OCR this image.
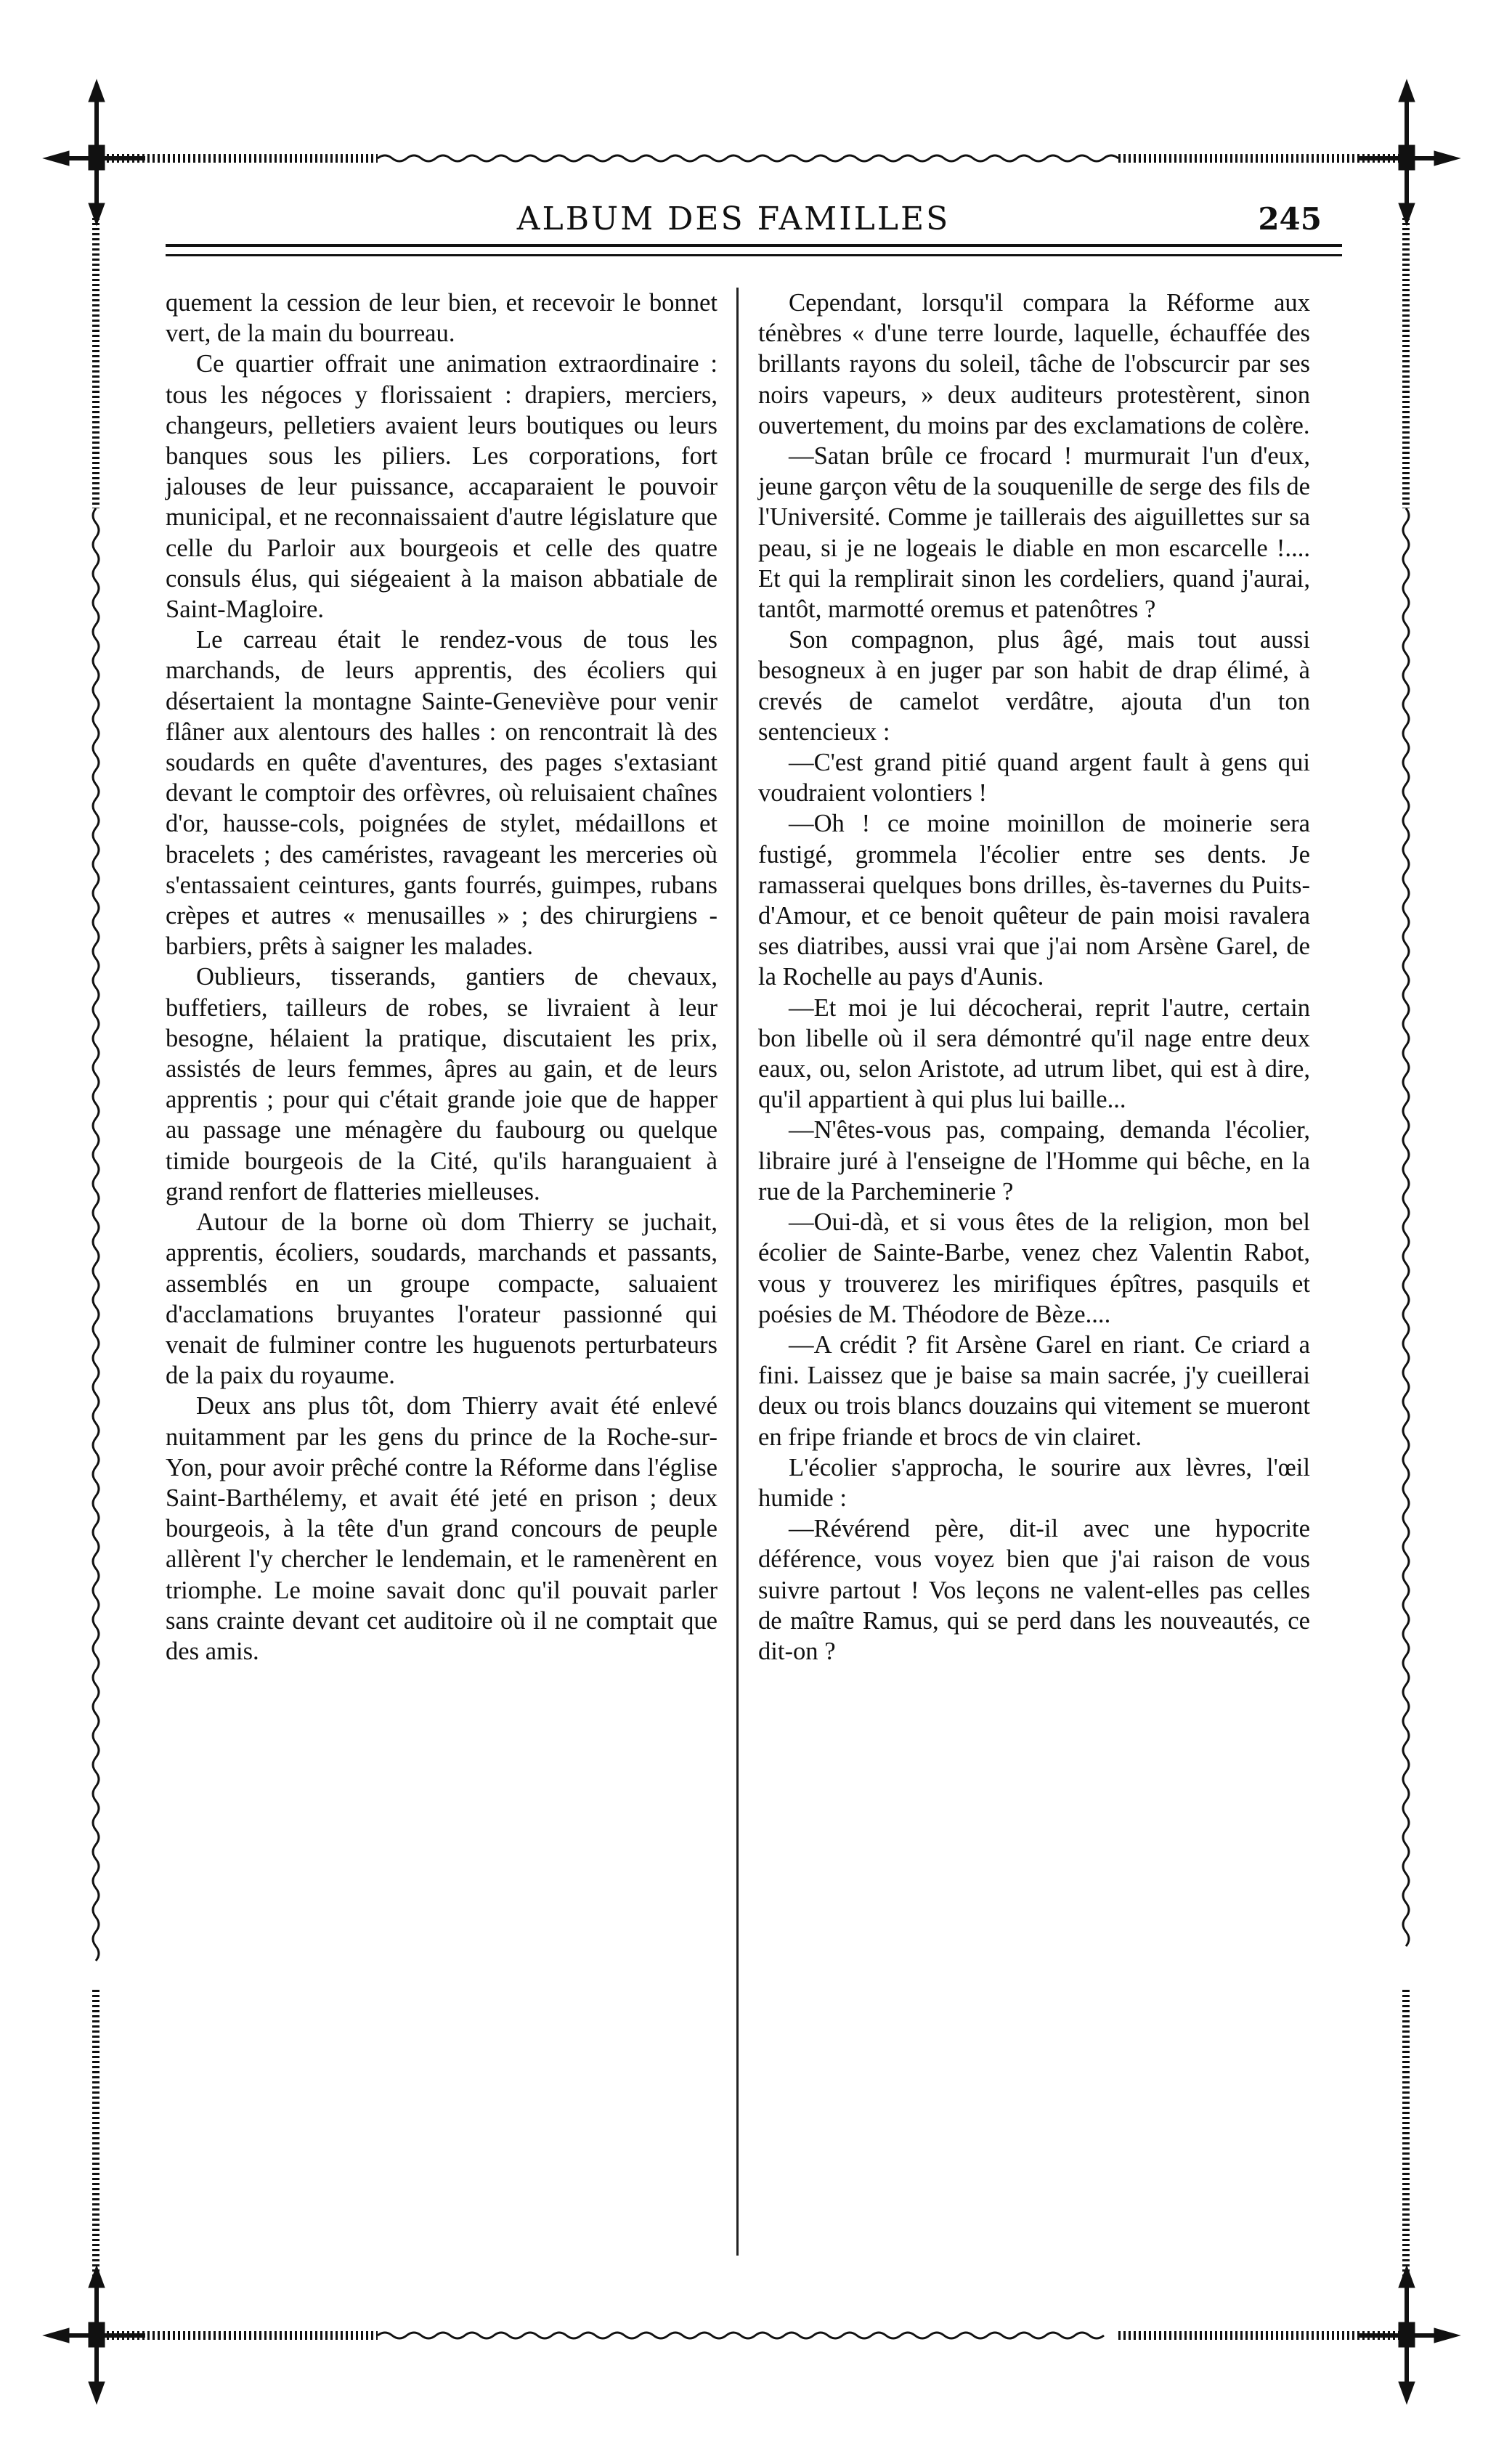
ALBUM DES FAMILLES	245

quement la cession de leur bien, et recevoir le bonnet vert, de la main du bourreau.

Ce quartier offrait une animation extraordinaire : tous les négoces y florissaient : drapiers, merciers, changeurs, pelletiers avaient leurs boutiques ou leurs banques sous les piliers. Les corporations, fort jalouses de leur puissance, accaparaient le pouvoir municipal, et ne reconnaissaient d'autre législature que celle du Parloir aux bourgeois et celle des quatre consuls élus, qui siégeaient à la maison abbatiale de Saint-Magloire.

Le carreau était le rendez-vous de tous les marchands, de leurs apprentis, des écoliers qui désertaient la montagne Sainte-Geneviève pour venir flâner aux alentours des halles : on rencontrait là des soudards en quête d'aventures, des pages s'extasiant devant le comptoir des orfèvres, où reluisaient chaînes d'or, hausse-cols, poignées de stylet, médaillons et bracelets ; des caméristes, ravageant les merceries où s'entassaient ceintures, gants fourrés, guimpes, rubans crèpes et autres « menusailles » ; des chirurgiens - barbiers, prêts à saigner les malades.

Oublieurs, tisserands, gantiers de chevaux, buffetiers, tailleurs de robes, se livraient à leur besogne, hélaient la pratique, discutaient les prix, assistés de leurs femmes, âpres au gain, et de leurs apprentis ; pour qui c'était grande joie que de happer au passage une ménagère du faubourg ou quelque timide bourgeois de la Cité, qu'ils haranguaient à grand renfort de flatteries mielleuses.

Autour de la borne où dom Thierry se juchait, apprentis, écoliers, soudards, marchands et passants, assemblés en un groupe compacte, saluaient d'acclamations bruyantes l'orateur passionné qui venait de fulminer contre les huguenots perturbateurs de la paix du royaume.

Deux ans plus tôt, dom Thierry avait été enlevé nuitamment par les gens du prince de la Roche-sur-Yon, pour avoir prêché contre la Réforme dans l'église Saint-Barthélemy, et avait été jeté en prison ; deux bourgeois, à la tête d'un grand concours de peuple allèrent l'y chercher le lendemain, et le ramenèrent en triomphe. Le moine savait donc qu'il pouvait parler sans crainte devant cet auditoire où il ne comptait que des amis.

Cependant, lorsqu'il compara la Réforme aux ténèbres « d'une terre lourde, laquelle, échauffée des brillants rayons du soleil, tâche de l'obscurcir par ses noirs vapeurs, » deux auditeurs protestèrent, sinon ouvertement, du moins par des exclamations de colère.

—Satan brûle ce frocard ! murmurait l'un d'eux, jeune garçon vêtu de la souquenille de serge des fils de l'Université. Comme je taillerais des aiguillettes sur sa peau, si je ne logeais le diable en mon escarcelle !.... Et qui la remplirait sinon les cordeliers, quand j'aurai, tantôt, marmotté oremus et patenôtres ?

Son compagnon, plus âgé, mais tout aussi besogneux à en juger par son habit de drap élimé, à crevés de camelot verdâtre, ajouta d'un ton sentencieux :

—C'est grand pitié quand argent fault à gens qui voudraient volontiers !

—Oh ! ce moine moinillon de moinerie sera fustigé, grommela l'écolier entre ses dents. Je ramasserai quelques bons drilles, ès-tavernes du Puits-d'Amour, et ce benoit quêteur de pain moisi ravalera ses diatribes, aussi vrai que j'ai nom Arsène Garel, de la Rochelle au pays d'Aunis.

—Et moi je lui décocherai, reprit l'autre, certain bon libelle où il sera démontré qu'il nage entre deux eaux, ou, selon Aristote, ad utrum libet, qui est à dire, qu'il appartient à qui plus lui baille...

—N'êtes-vous pas, compaing, demanda l'écolier, libraire juré à l'enseigne de l'Homme qui bêche, en la rue de la Parcheminerie ?

—Oui-dà, et si vous êtes de la religion, mon bel écolier de Sainte-Barbe, venez chez Valentin Rabot, vous y trouverez les mirifiques épîtres, pasquils et poésies de M. Théodore de Bèze....

—A crédit ? fit Arsène Garel en riant. Ce criard a fini. Laissez que je baise sa main sacrée, j'y cueillerai deux ou trois blancs douzains qui vitement se mueront en fripe friande et brocs de vin clairet.

L'écolier s'approcha, le sourire aux lèvres, l'œil humide :

—Révérend père, dit-il avec une hypocrite déférence, vous voyez bien que j'ai raison de vous suivre partout ! Vos leçons ne valent-elles pas celles de maître Ramus, qui se perd dans les nouveautés, ce dit-on ?
